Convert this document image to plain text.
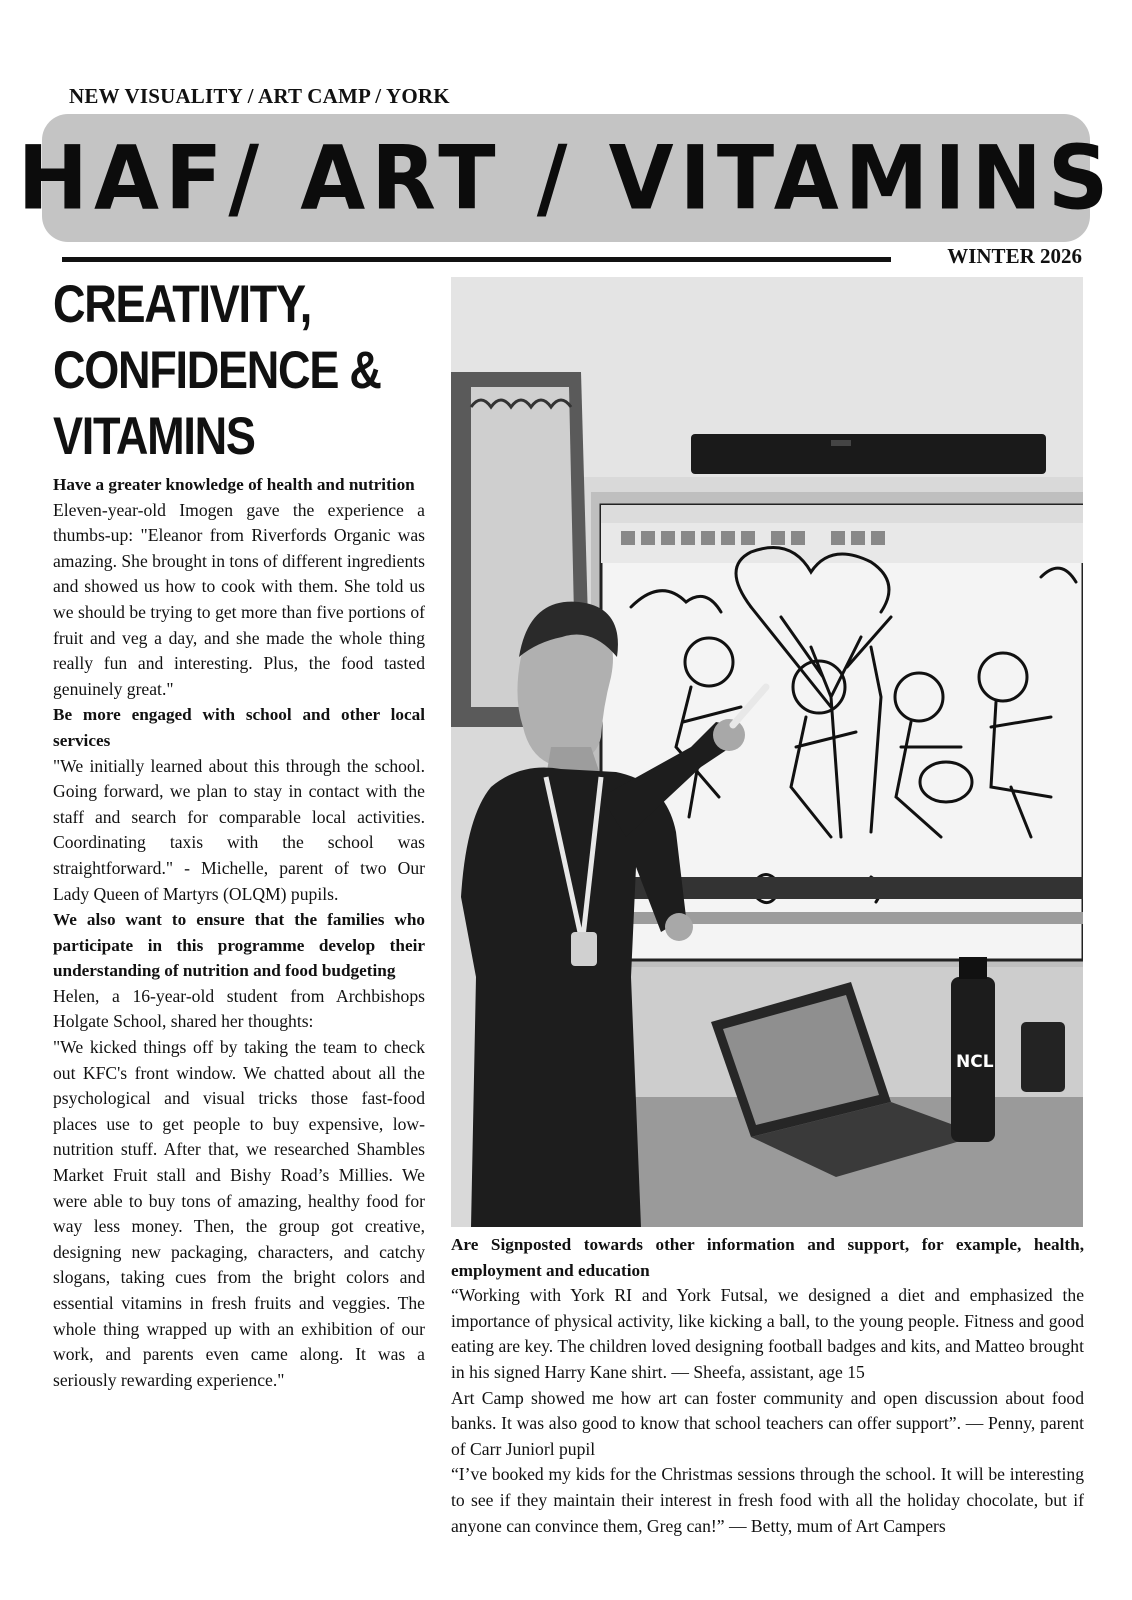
NEW VISUALITY / ART CAMP / YORK
HAF/ ART / VITAMINS
WINTER 2026
CREATIVITY,
CONFIDENCE &
VITAMINS

Have a greater knowledge of health and nutrition

Eleven-year-old Imogen gave the experience a thumbs-up: "Eleanor from Riverfords Organic was amazing. She brought in tons of different ingredients and showed us how to cook with them. She told us we should be trying to get more than five portions of fruit and veg a day, and she made the whole thing really fun and interesting. Plus, the food tasted genuinely great."

Be more engaged with school and other local services

"We initially learned about this through the school. Going forward, we plan to stay in contact with the staff and search for comparable local activities. Coordinating taxis with the school was straightforward." - Michelle, parent of two Our Lady Queen of Martyrs (OLQM) pupils.

We also want to ensure that the families who participate in this programme develop their understanding of nutrition and food budgeting

Helen, a 16-year-old student from Archbishops Holgate School, shared her thoughts:

"We kicked things off by taking the team to check out KFC's front window. We chatted about all the psychological and visual tricks those fast-food places use to get people to buy expensive, low-nutrition stuff. After that, we researched Shambles Market Fruit stall and Bishy Road’s Millies. We were able to buy tons of amazing, healthy food for way less money. Then, the group got creative, designing new packaging, characters, and catchy slogans, taking cues from the bright colors and essential vitamins in fresh fruits and veggies. The whole thing wrapped up with an exhibition of our work, and parents even came along. It was a seriously rewarding experience."

NCL

Are Signposted towards other information and support, for example, health, employment and education

“Working with York RI and York Futsal, we designed a diet and emphasized the importance of physical activity, like kicking a ball, to the young people. Fitness and good eating are key. The children loved designing football badges and kits, and Matteo brought in his signed Harry Kane shirt. — Sheefa, assistant, age 15

Art Camp showed me how art can foster community and open discussion about food banks. It was also good to know that school teachers can offer support”. — Penny, parent of Carr Juniorl pupil

“I’ve booked my kids for the Christmas sessions through the school. It will be interesting to see if they maintain their interest in fresh food with all the holiday chocolate, but if anyone can convince them, Greg can!” — Betty, mum of Art Campers
